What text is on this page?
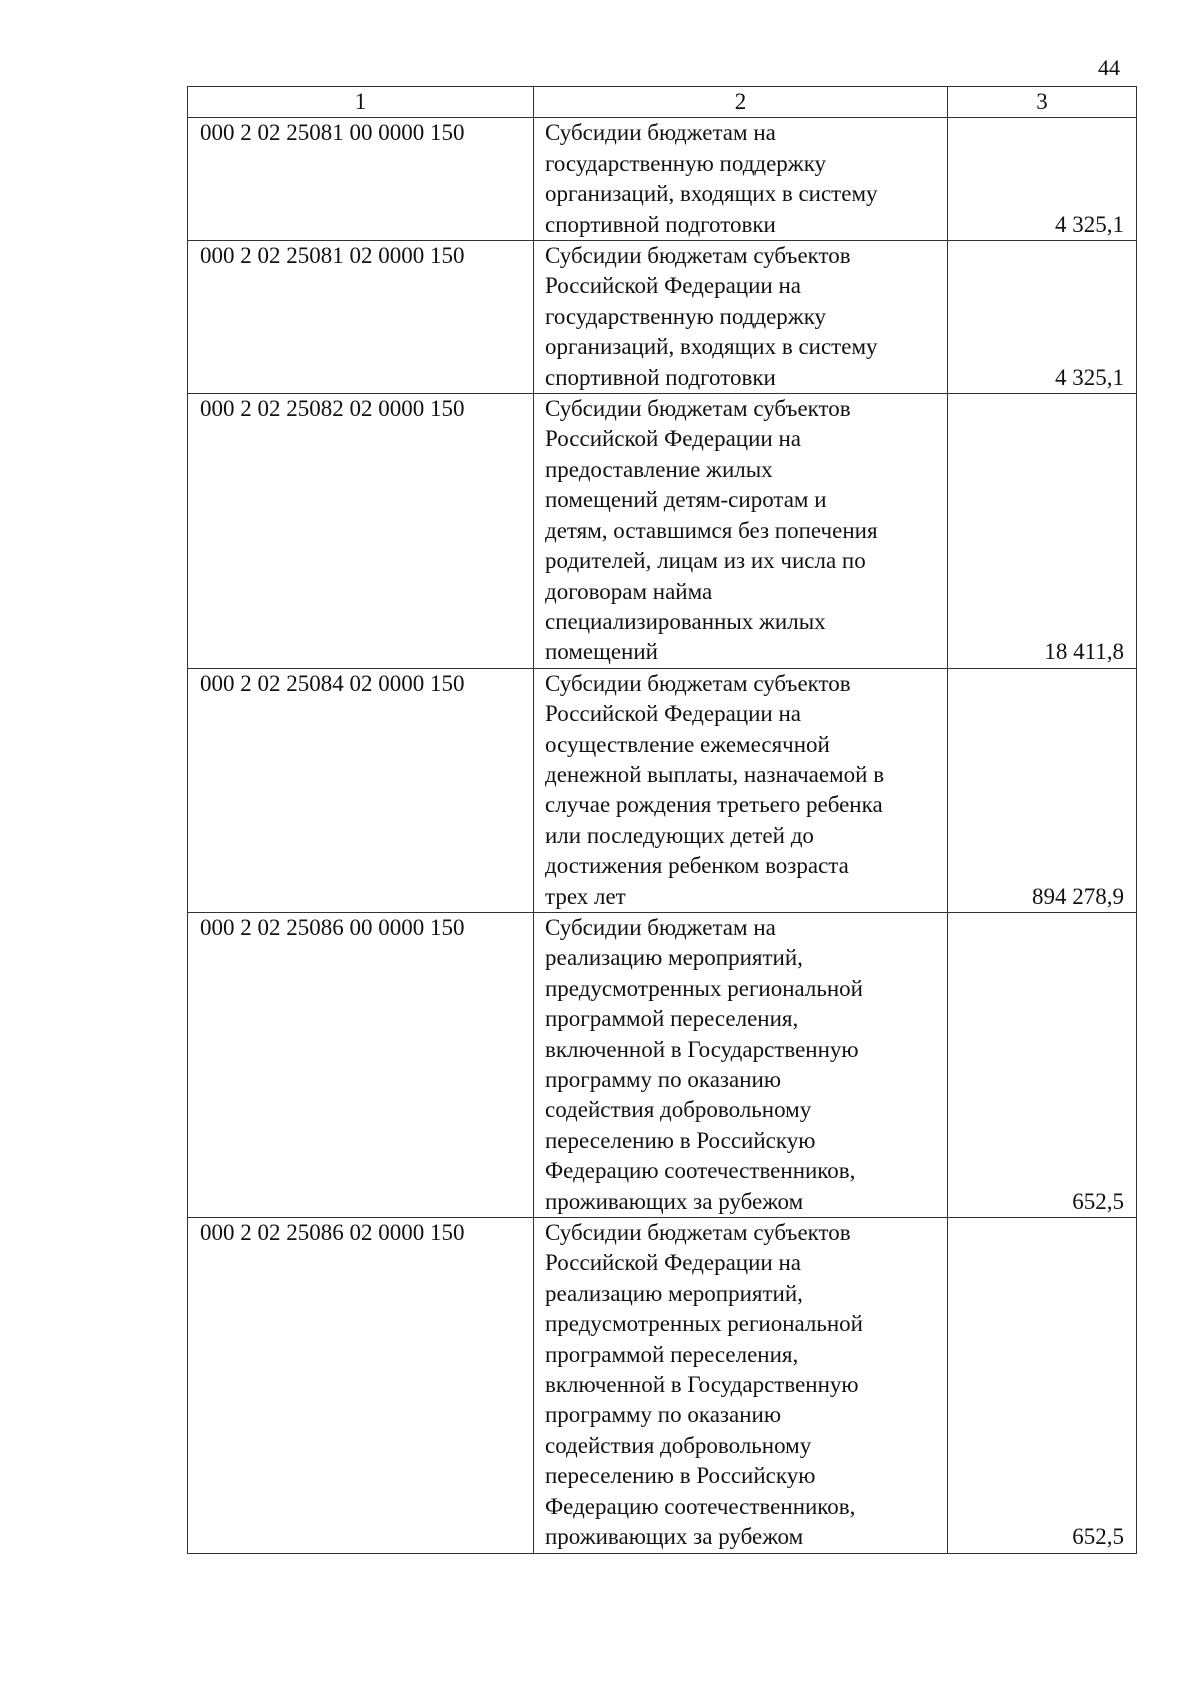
44
1	2	3
000 2 02 25081 00 0000 150	Субсидии бюджетам на
государственную поддержку
организаций, входящих в систему
спортивной подготовки	4 325,1
000 2 02 25081 02 0000 150	Субсидии бюджетам субъектов
Российской Федерации на
государственную поддержку
организаций, входящих в систему
спортивной подготовки	4 325,1
000 2 02 25082 02 0000 150	Субсидии бюджетам субъектов
Российской Федерации на
предоставление жилых
помещений детям-сиротам и
детям, оставшимся без попечения
родителей, лицам из их числа по
договорам найма
специализированных жилых
помещений	18 411,8
000 2 02 25084 02 0000 150	Субсидии бюджетам субъектов
Российской Федерации на
осуществление ежемесячной
денежной выплаты, назначаемой в
случае рождения третьего ребенка
или последующих детей до
достижения ребенком возраста
трех лет	894 278,9
000 2 02 25086 00 0000 150	Субсидии бюджетам на
реализацию мероприятий,
предусмотренных региональной
программой переселения,
включенной в Государственную
программу по оказанию
содействия добровольному
переселению в Российскую
Федерацию соотечественников,
проживающих за рубежом	652,5
000 2 02 25086 02 0000 150	Субсидии бюджетам субъектов
Российской Федерации на
реализацию мероприятий,
предусмотренных региональной
программой переселения,
включенной в Государственную
программу по оказанию
содействия добровольному
переселению в Российскую
Федерацию соотечественников,
проживающих за рубежом	652,5
